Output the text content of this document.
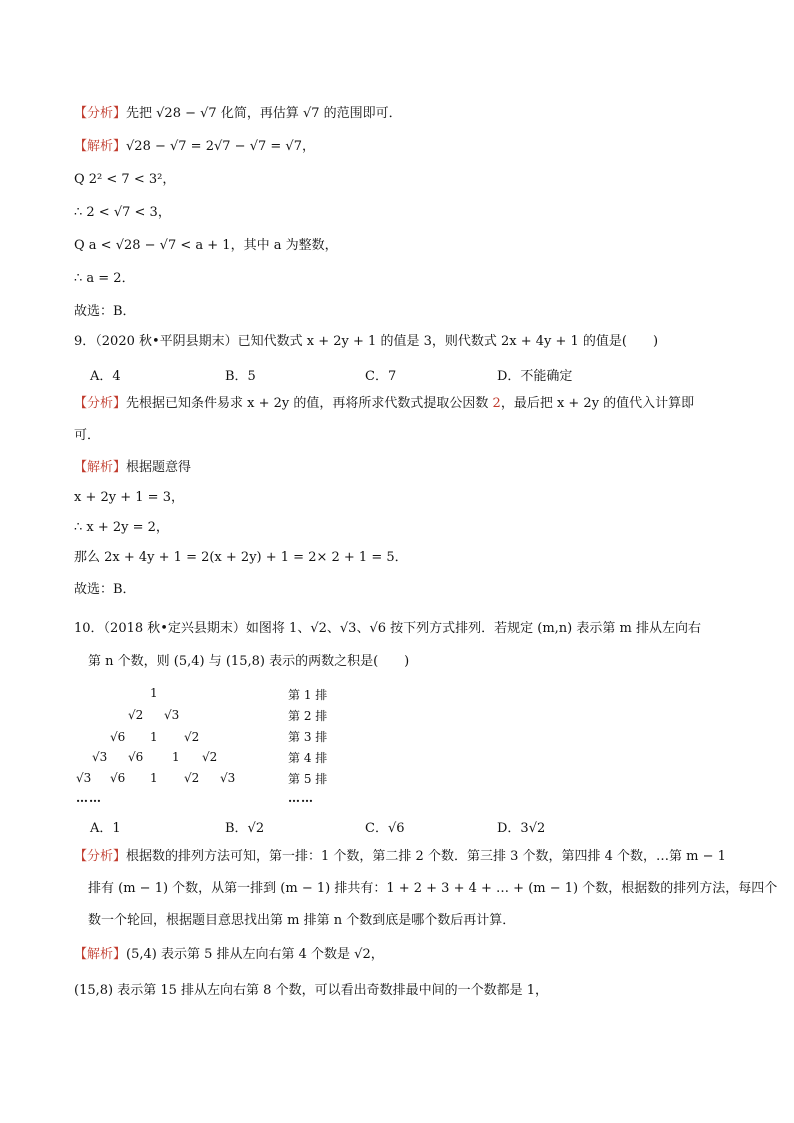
【分析】先把 √28 − √7 化简，再估算 √7 的范围即可．
【解析】√28 − √7 = 2√7 − √7 = √7，
Q 2² < 7 < 3²，
∴ 2 < √7 < 3，
Q a < √28 − √7 < a + 1，其中 a 为整数，
∴ a = 2．
故选：B．
9．（2020 秋•平阴县期末）已知代数式 x + 2y + 1 的值是 3，则代数式 2x + 4y + 1 的值是(　　)
A．4	B．5	C．7	D．不能确定
【分析】先根据已知条件易求 x + 2y 的值，再将所求代数式提取公因数 2，最后把 x + 2y 的值代入计算即
可．
【解析】根据题意得
x + 2y + 1 = 3，
∴ x + 2y = 2，
那么 2x + 4y + 1 = 2(x + 2y) + 1 = 2× 2 + 1 = 5．
故选：B．
10．（2018 秋•定兴县期末）如图将 1、√2、√3、√6 按下列方式排列．若规定 (m,n) 表示第 m 排从左向右
第 n 个数，则 (5,4) 与 (15,8) 表示的两数之积是(　　)
1
√2 √3
√6 1 √2
√3 √6 1 √2
√3 √6 1 √2 √3
……
第 1 排
第 2 排
第 3 排
第 4 排
第 5 排
……
A．1	B．√2	C．√6	D．3√2
【分析】根据数的排列方法可知，第一排：1 个数，第二排 2 个数．第三排 3 个数，第四排 4 个数，…第 m − 1
排有 (m − 1) 个数，从第一排到 (m − 1) 排共有：1 + 2 + 3 + 4 + … + (m − 1) 个数，根据数的排列方法，每四个
数一个轮回，根据题目意思找出第 m 排第 n 个数到底是哪个数后再计算．
【解析】(5,4) 表示第 5 排从左向右第 4 个数是 √2，
(15,8) 表示第 15 排从左向右第 8 个数，可以看出奇数排最中间的一个数都是 1，
